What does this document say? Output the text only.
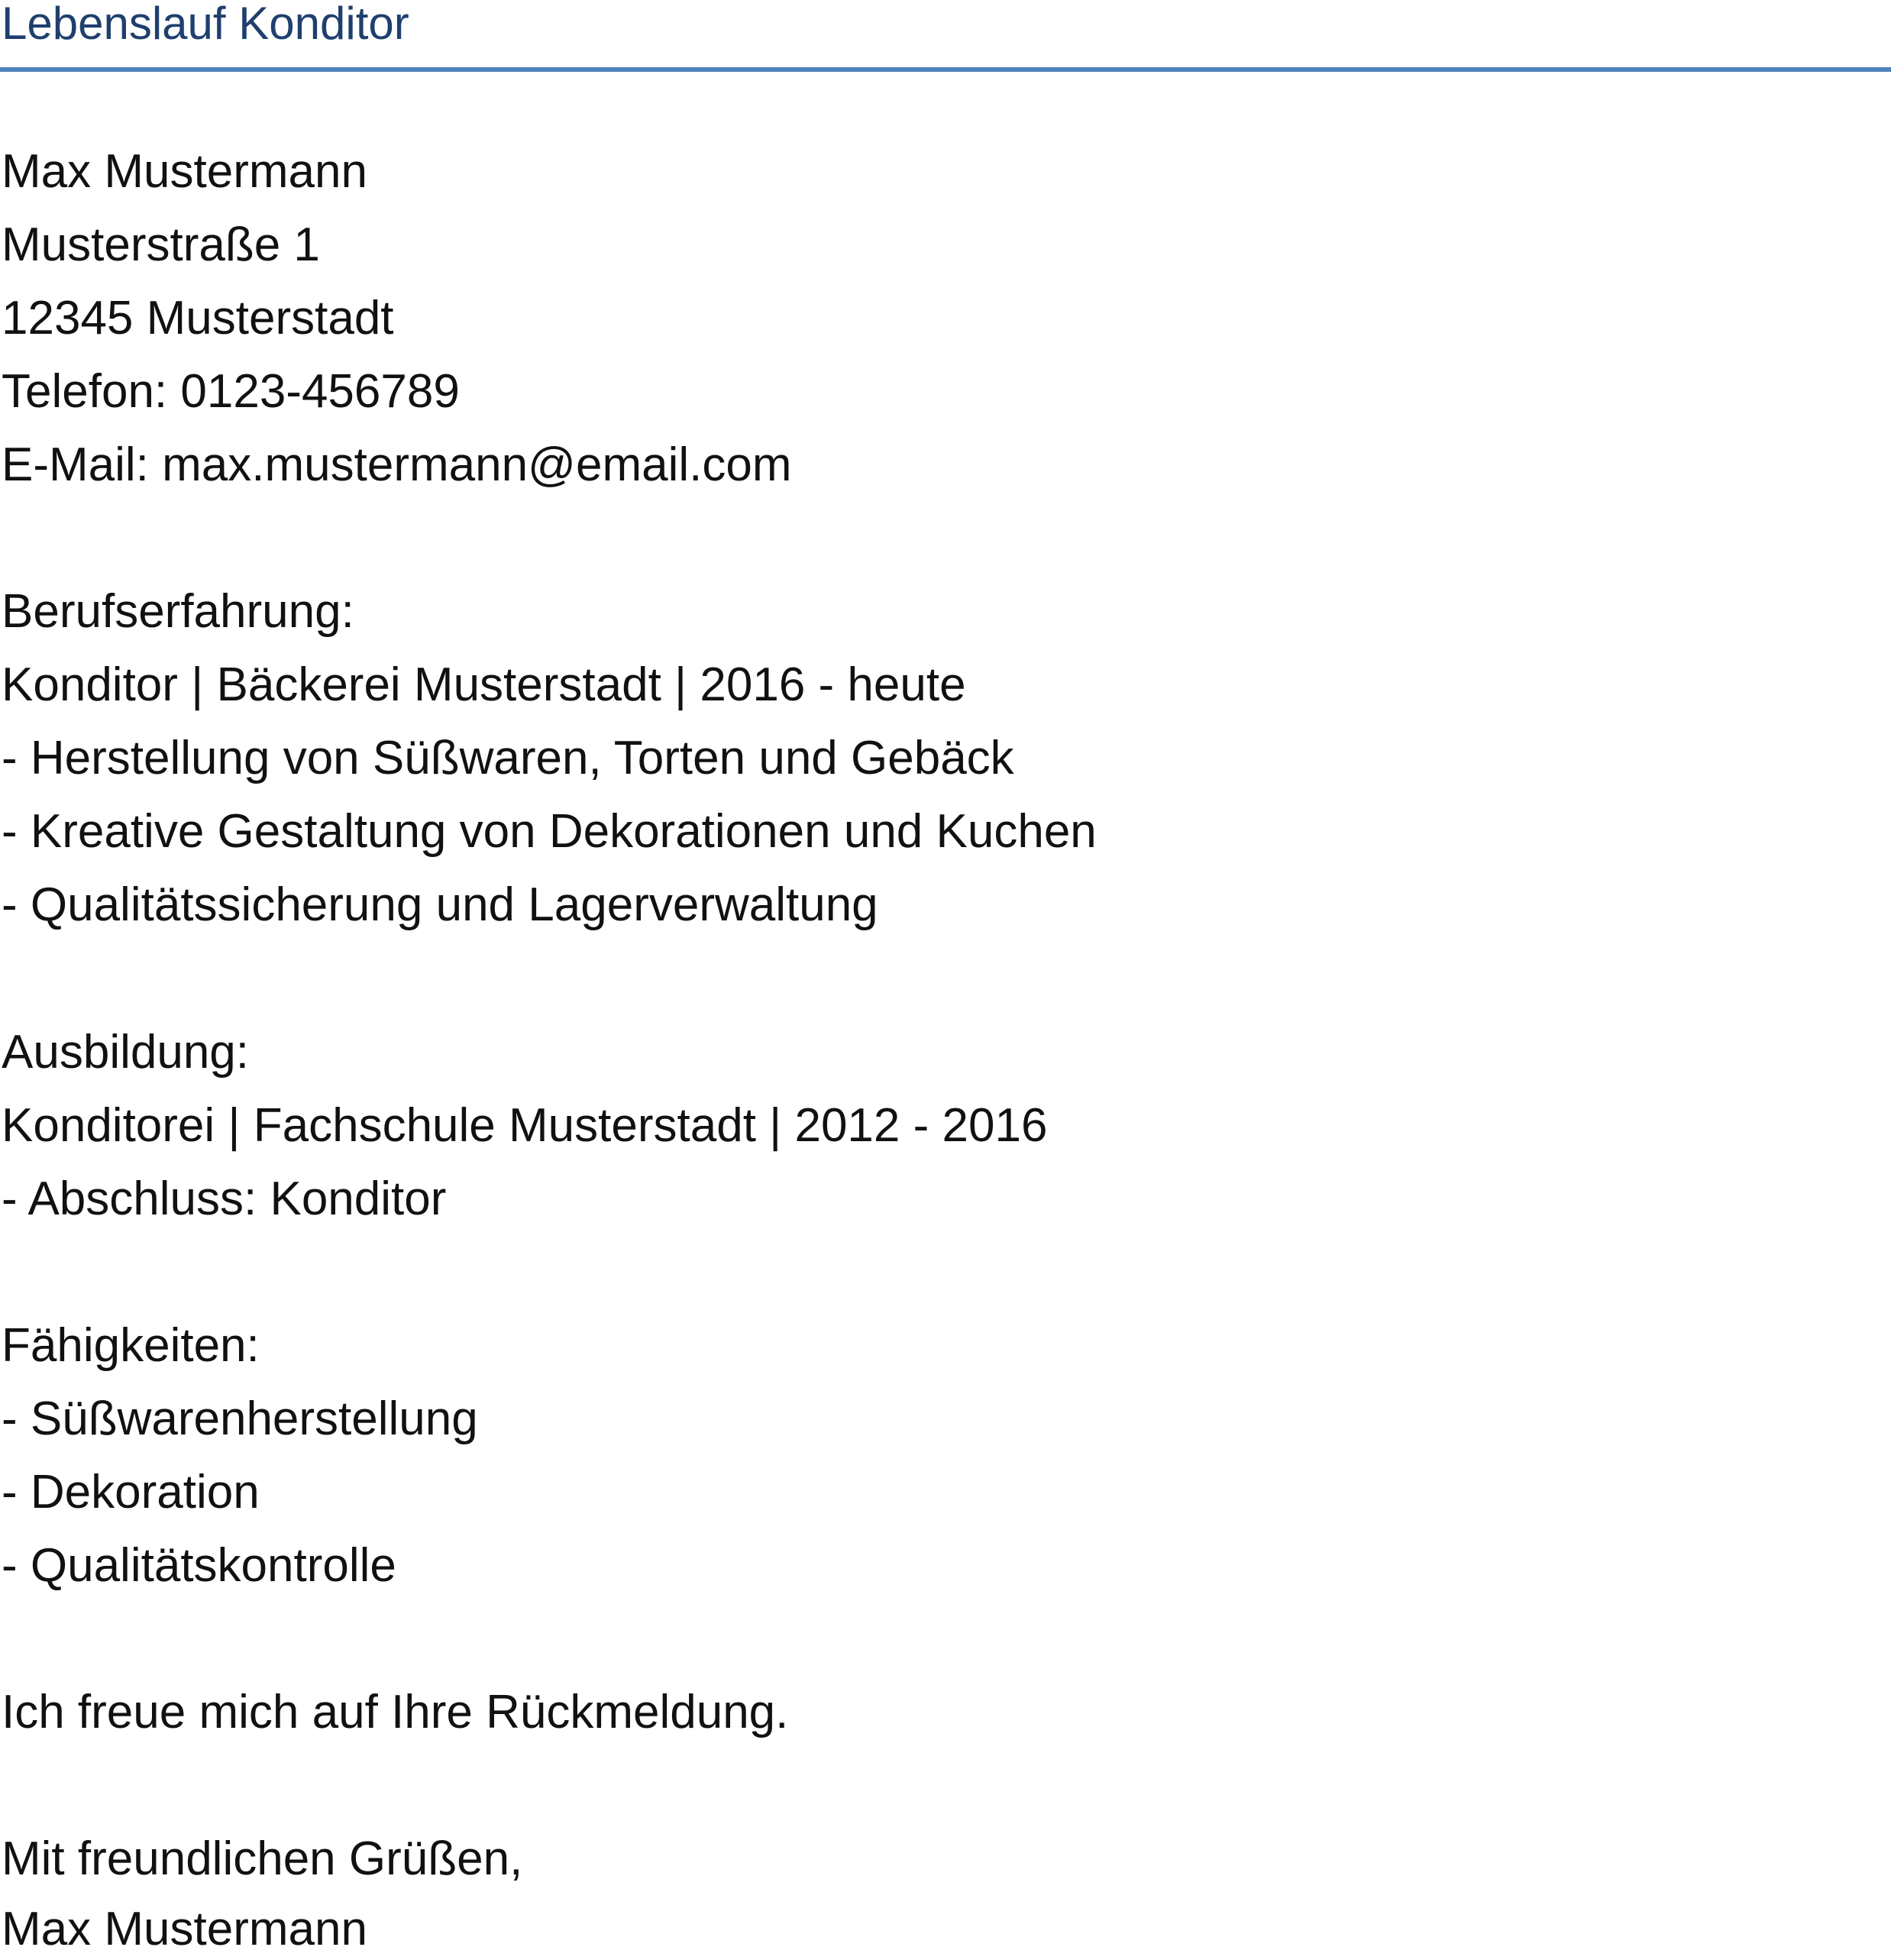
Lebenslauf Konditor
Max Mustermann
Musterstraße 1
12345 Musterstadt
Telefon: 0123-456789
E-Mail: max.mustermann@email.com
Berufserfahrung:
Konditor | Bäckerei Musterstadt | 2016 - heute
- Herstellung von Süßwaren, Torten und Gebäck
- Kreative Gestaltung von Dekorationen und Kuchen
- Qualitätssicherung und Lagerverwaltung
Ausbildung:
Konditorei | Fachschule Musterstadt | 2012 - 2016
- Abschluss: Konditor
Fähigkeiten:
- Süßwarenherstellung
- Dekoration
- Qualitätskontrolle
Ich freue mich auf Ihre Rückmeldung.
Mit freundlichen Grüßen,
Max Mustermann
